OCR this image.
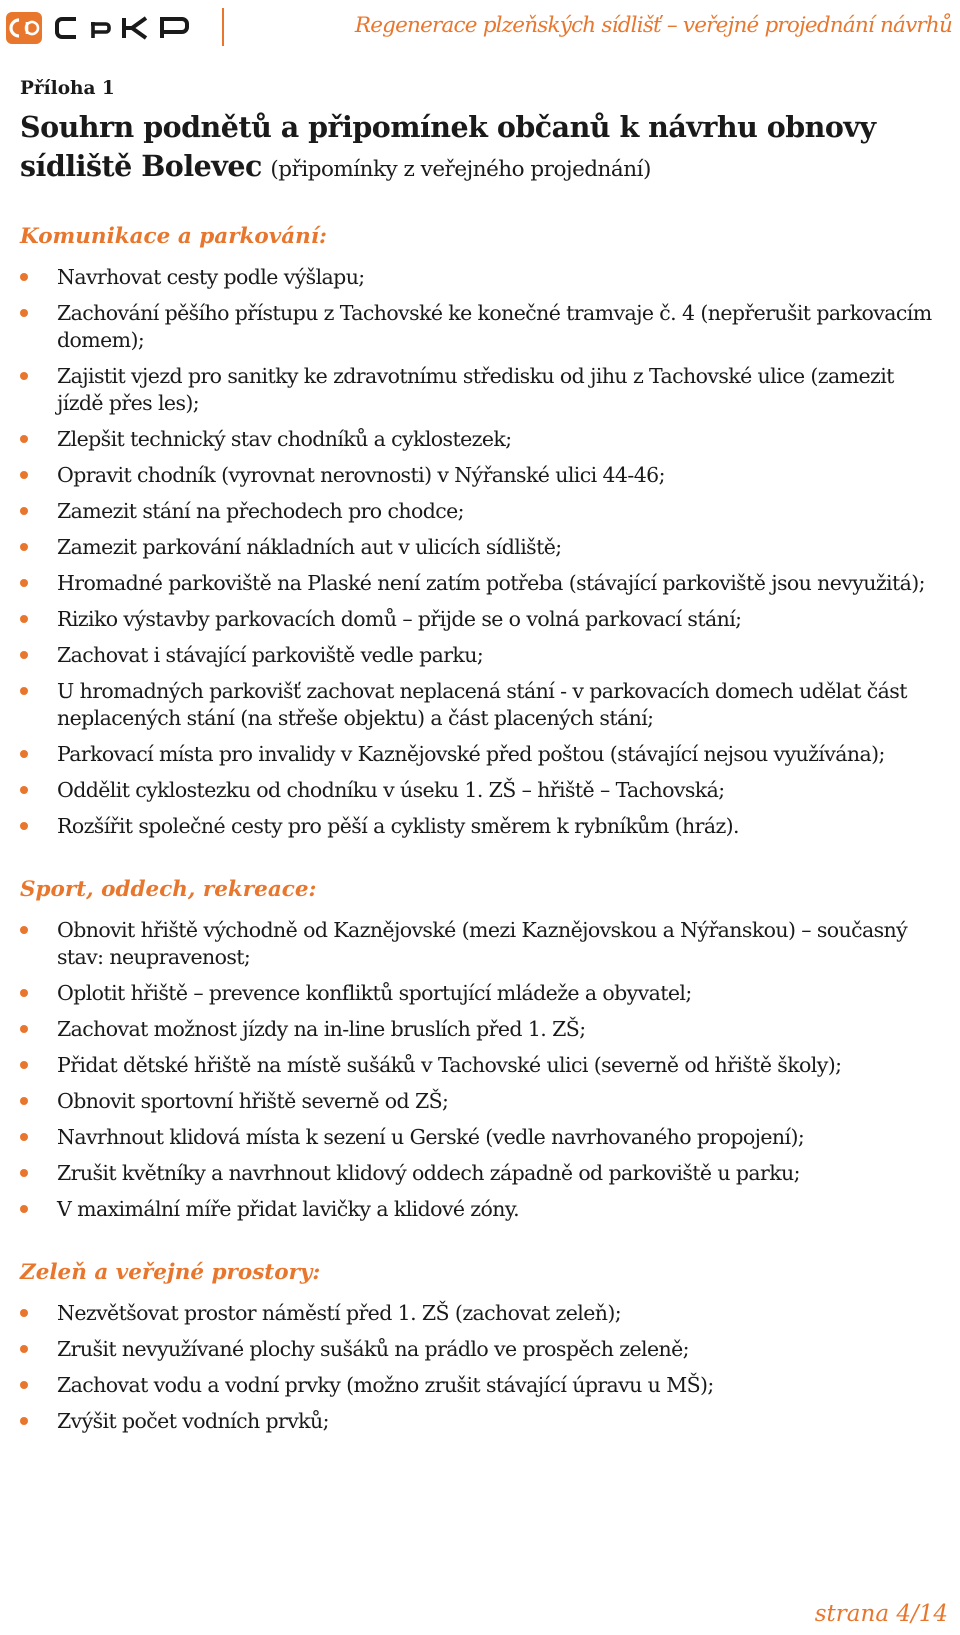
Regenerace plzeňských sídlišť – veřejné projednání návrhů
Příloha 1
Souhrn podnětů a připomínek občanů k návrhu obnovy sídliště Bolevec (připomínky z veřejného projednání)
Komunikace a parkování:
Navrhovat cesty podle výšlapu;
Zachování pěšího přístupu z Tachovské ke konečné tramvaje č. 4 (nepřerušit parkovacím domem);
Zajistit vjezd pro sanitky ke zdravotnímu středisku od jihu z Tachovské ulice (zamezit jízdě přes les);
Zlepšit technický stav chodníků a cyklostezek;
Opravit chodník (vyrovnat nerovnosti) v Nýřanské ulici 44-46;
Zamezit stání na přechodech pro chodce;
Zamezit parkování nákladních aut v ulicích sídliště;
Hromadné parkoviště na Plaské není zatím potřeba (stávající parkoviště jsou nevyužitá);
Riziko výstavby parkovacích domů – přijde se o volná parkovací stání;
Zachovat i stávající parkoviště vedle parku;
U hromadných parkovišť zachovat neplacená stání - v parkovacích domech udělat část neplacených stání (na střeše objektu) a část placených stání;
Parkovací místa pro invalidy v Kaznějovské před poštou (stávající nejsou využívána);
Oddělit cyklostezku od chodníku v úseku 1. ZŠ – hřiště – Tachovská;
Rozšířit společné cesty pro pěší a cyklisty směrem k rybníkům (hráz).
Sport, oddech, rekreace:
Obnovit hřiště východně od Kaznějovské (mezi Kaznějovskou a Nýřanskou) – současný stav: neupravenost;
Oplotit hřiště – prevence konfliktů sportující mládeže a obyvatel;
Zachovat možnost jízdy na in-line bruslích před 1. ZŠ;
Přidat dětské hřiště na místě sušáků v Tachovské ulici (severně od hřiště školy);
Obnovit sportovní hřiště severně od ZŠ;
Navrhnout klidová místa k sezení u Gerské (vedle navrhovaného propojení);
Zrušit květníky a navrhnout klidový oddech západně od parkoviště u parku;
V maximální míře přidat lavičky a klidové zóny.
Zeleň a veřejné prostory:
Nezvětšovat prostor náměstí před 1. ZŠ (zachovat zeleň);
Zrušit nevyužívané plochy sušáků na prádlo ve prospěch zeleně;
Zachovat vodu a vodní prvky (možno zrušit stávající úpravu u MŠ);
Zvýšit počet vodních prvků;
strana 4/14
